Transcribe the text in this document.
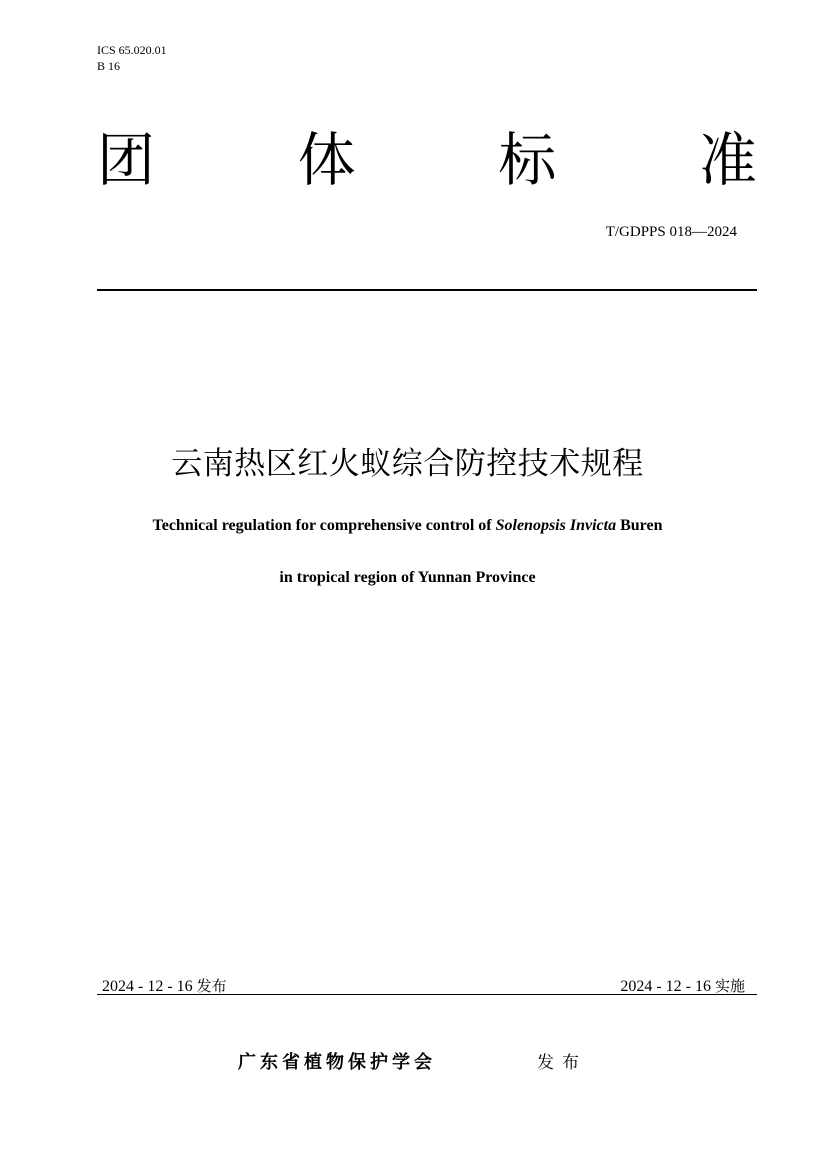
ICS 65.020.01
B 16
团 体 标 准
T/GDPPS 018—2024
云南热区红火蚁综合防控技术规程
Technical regulation for comprehensive control of Solenopsis Invicta Buren
in tropical region of Yunnan Province
2024 - 12 - 16 发布	2024 - 12 - 16 实施
广东省植物保护学会	发布
